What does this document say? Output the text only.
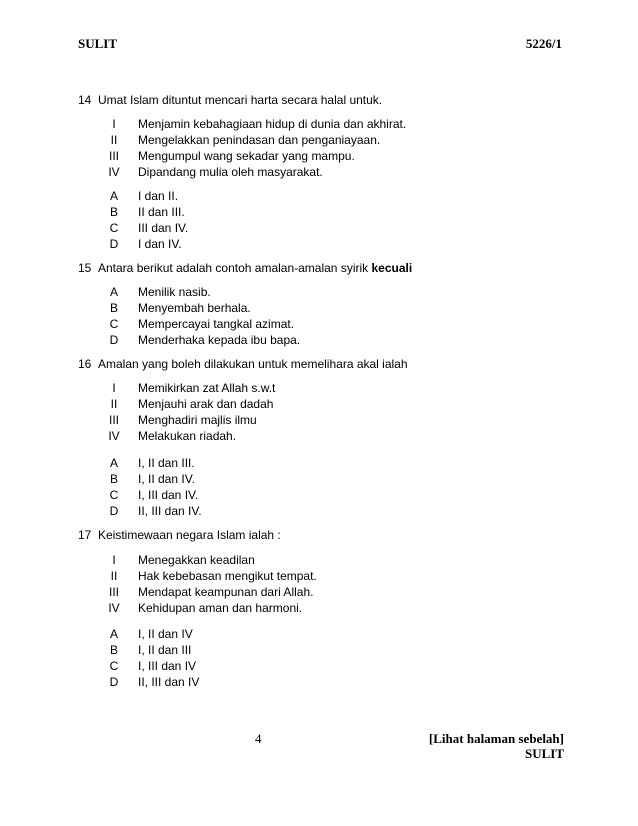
SULIT	5226/1
14 Umat Islam dituntut mencari harta secara halal untuk.
I	Menjamin kebahagiaan hidup di dunia dan akhirat.
II	Mengelakkan penindasan dan penganiayaan.
III	Mengumpul wang sekadar yang mampu.
IV	Dipandang mulia oleh masyarakat.
A	I dan II.
B	II dan III.
C	III dan IV.
D	I dan IV.
15 Antara berikut adalah contoh amalan-amalan syirik kecuali
A	Menilik nasib.
B	Menyembah berhala.
C	Mempercayai tangkal azimat.
D	Menderhaka kepada ibu bapa.
16 Amalan yang boleh dilakukan untuk memelihara akal ialah
I	Memikirkan zat Allah s.w.t
II	Menjauhi arak dan dadah
III	Menghadiri majlis ilmu
IV	Melakukan riadah.
A	I, II dan III.
B	I, II dan IV.
C	I, III dan IV.
D	II, III dan IV.
17 Keistimewaan negara Islam ialah :
I	Menegakkan keadilan
II	Hak kebebasan mengikut tempat.
III	Mendapat keampunan dari Allah.
IV	Kehidupan aman dan harmoni.
A	I, II dan IV
B	I, II dan III
C	I, III dan IV
D	II, III dan IV
4	[Lihat halaman sebelah]
SULIT
